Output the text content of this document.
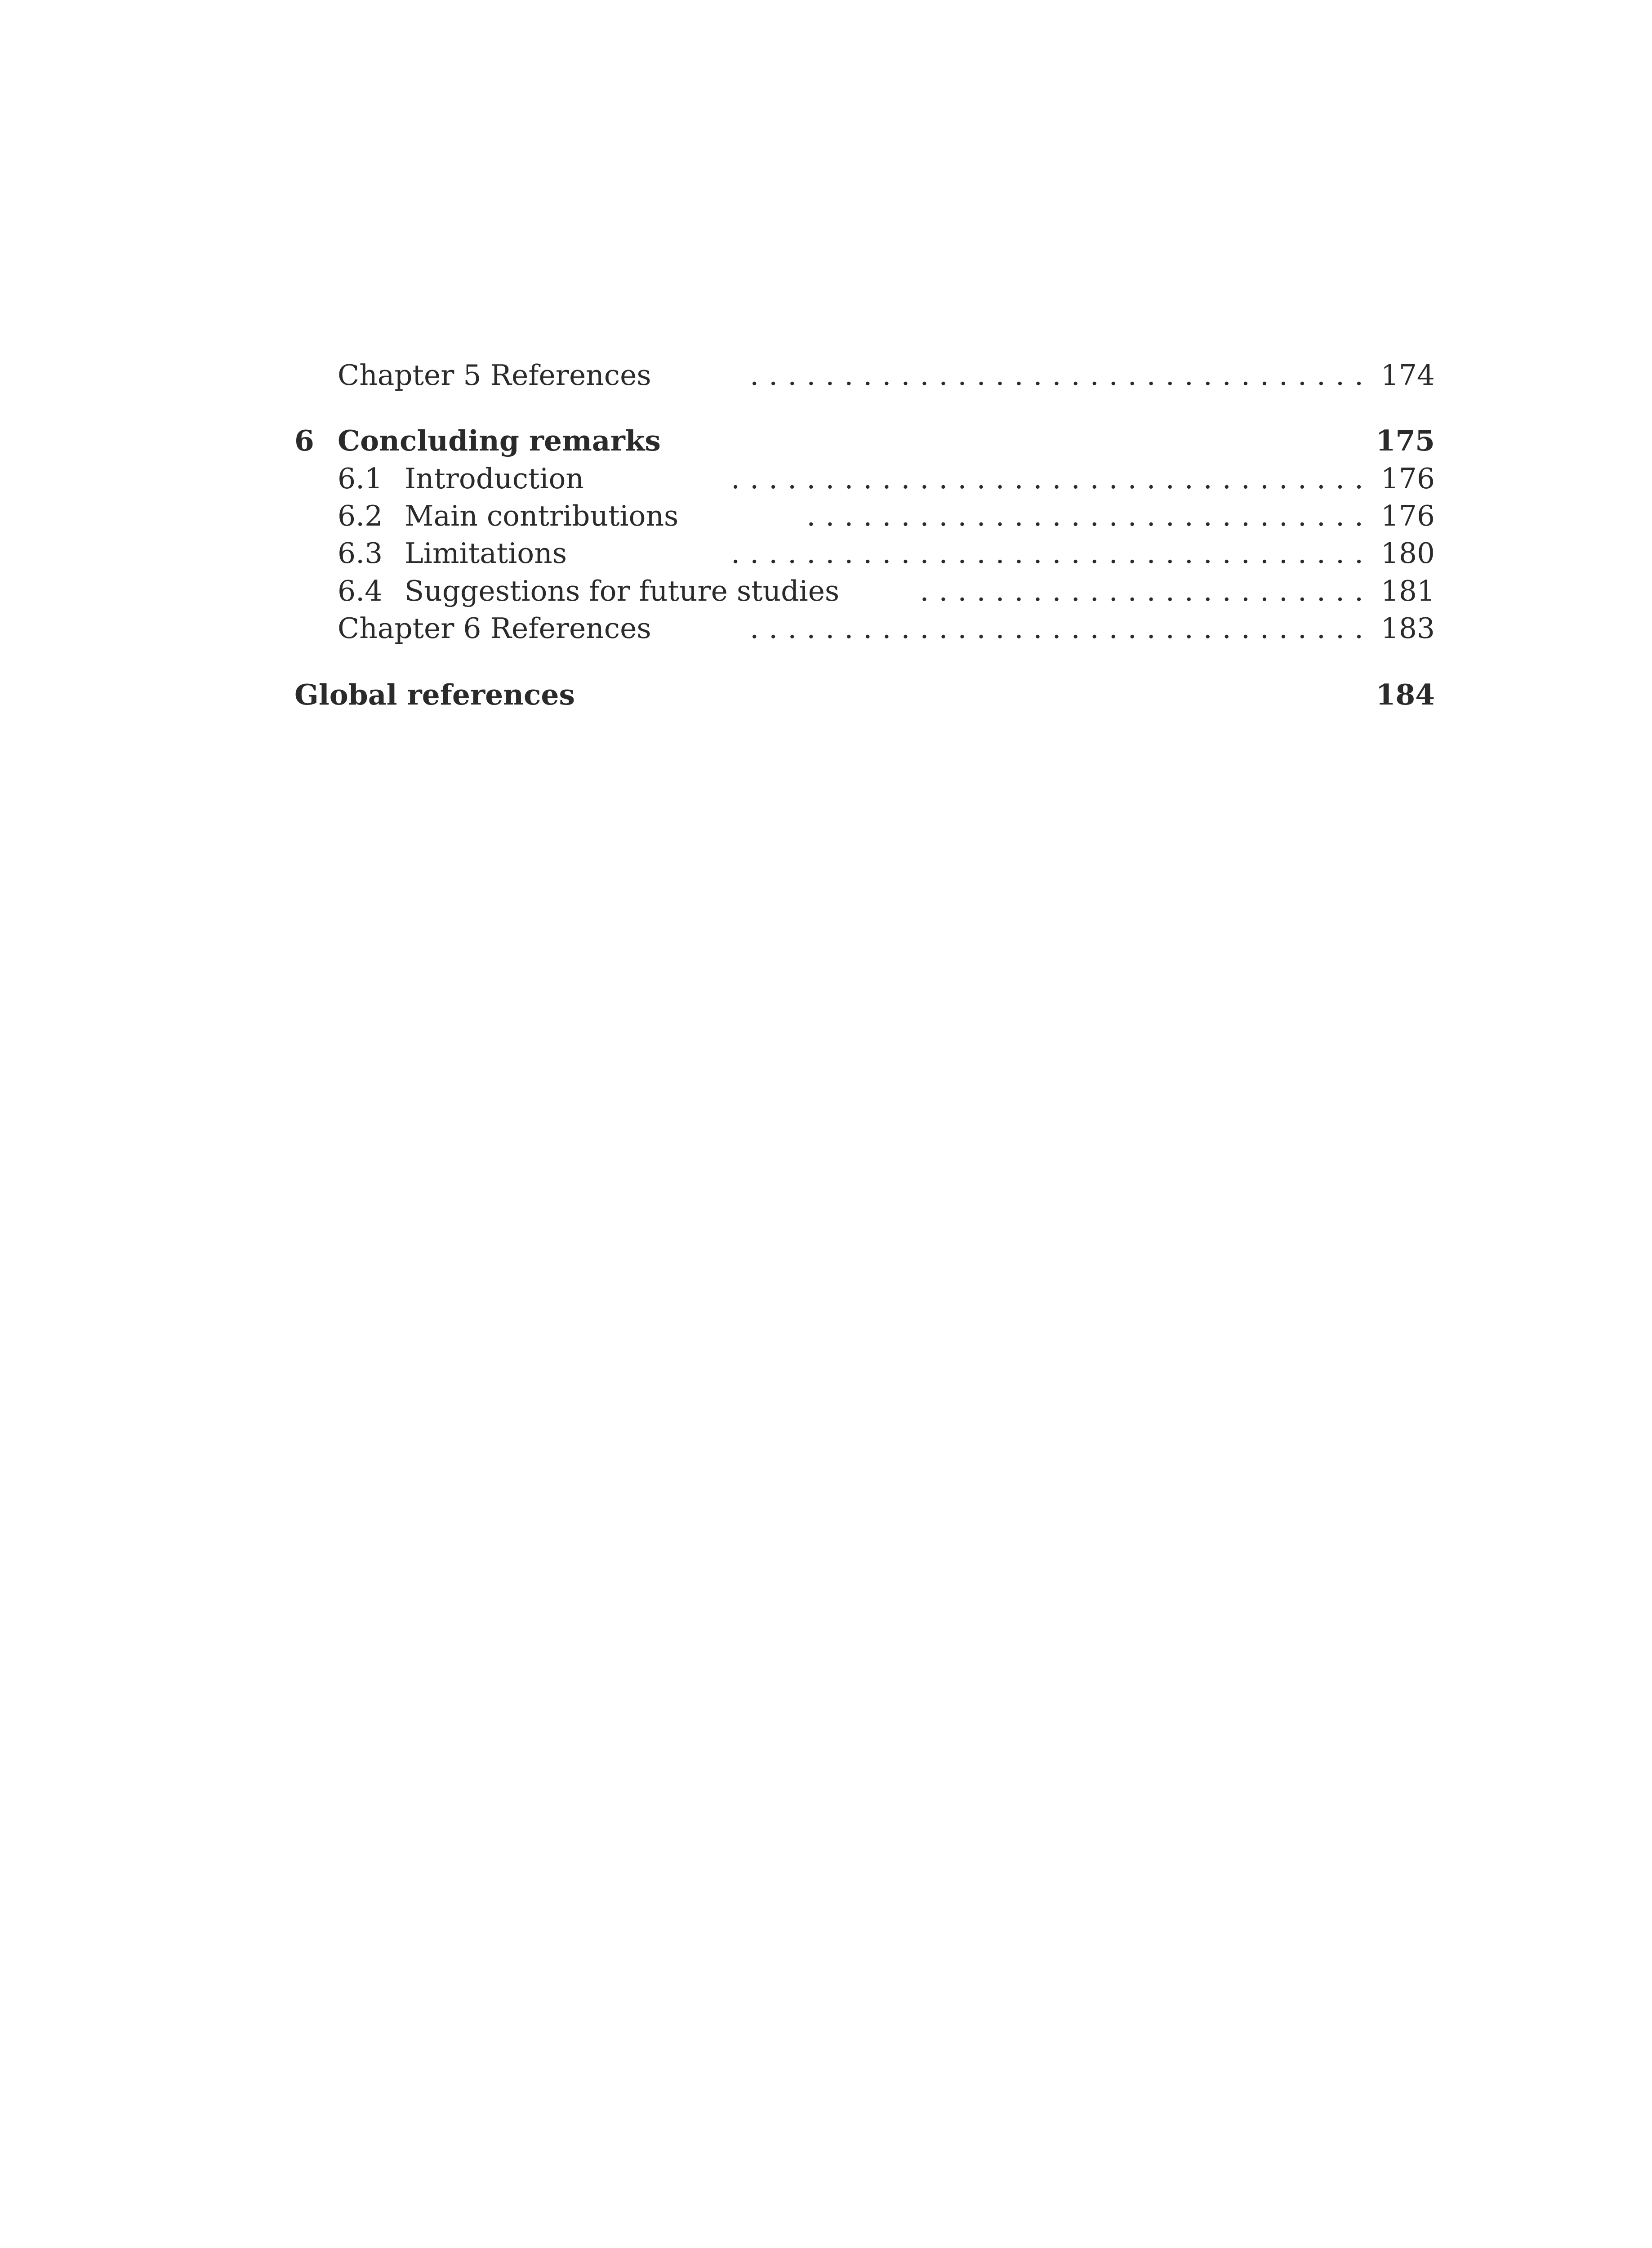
Chapter 5 References	................................. 174
6 Concluding remarks	175
6.1 Introduction	.................................. 176
6.2 Main contributions	.............................. 176
6.3 Limitations	.................................. 180
6.4 Suggestions for future studies	........................ 181
Chapter 6 References	................................. 183
Global references	184
